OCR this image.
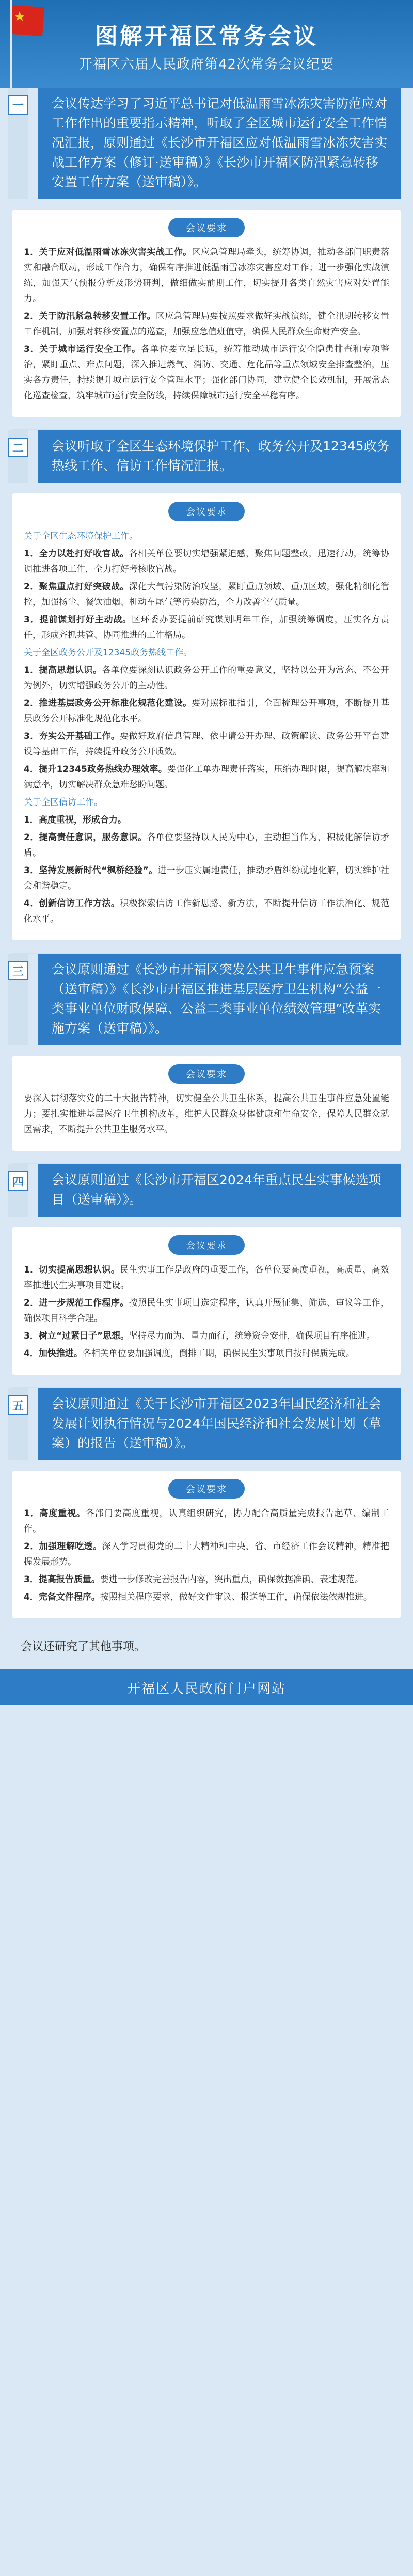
图解开福区常务会议
开福区六届人民政府第42次常务会议纪要
一	会议传达学习了习近平总书记对低温雨雪冰冻灾害防范应对工作作出的重要指示精神，听取了全区城市运行安全工作情况汇报，原则通过《长沙市开福区应对低温雨雪冰冻灾害实战工作方案（修订·送审稿）》《长沙市开福区防汛紧急转移安置工作方案（送审稿）》。
会议要求
1．关于应对低温雨雪冰冻灾害实战工作。区应急管理局牵头，统筹协调，推动各部门职责落实和融合联动，形成工作合力，确保有序推进低温雨雪冰冻灾害应对工作；进一步强化实战演练，加强天气预报分析及形势研判，做细做实前期工作，切实提升各类自然灾害应对处置能力。
2．关于防汛紧急转移安置工作。区应急管理局要按照要求做好实战演练，健全汛期转移安置工作机制，加强对转移安置点的巡查，加强应急值班值守，确保人民群众生命财产安全。
3．关于城市运行安全工作。各单位要立足长远，统筹推动城市运行安全隐患排查和专项整治，紧盯重点、难点问题，深入推进燃气、消防、交通、危化品等重点领域安全排查整治，压实各方责任，持续提升城市运行安全管理水平；强化部门协同，建立健全长效机制，开展常态化巡查检查，筑牢城市运行安全防线，持续保障城市运行安全平稳有序。
二	会议听取了全区生态环境保护工作、政务公开及12345政务热线工作、信访工作情况汇报。
会议要求
关于全区生态环境保护工作。
1．全力以赴打好收官战。各相关单位要切实增强紧迫感，聚焦问题整改，迅速行动，统筹协调推进各项工作，全力打好考核收官战。
2．聚焦重点打好突破战。深化大气污染防治攻坚，紧盯重点领域、重点区域，强化精细化管控，加强扬尘、餐饮油烟、机动车尾气等污染防治，全力改善空气质量。
3．提前谋划打好主动战。区环委办要提前研究谋划明年工作，加强统筹调度，压实各方责任，形成齐抓共管、协同推进的工作格局。
关于全区政务公开及12345政务热线工作。
1．提高思想认识。各单位要深刻认识政务公开工作的重要意义，坚持以公开为常态、不公开为例外，切实增强政务公开的主动性。
2．推进基层政务公开标准化规范化建设。要对照标准指引，全面梳理公开事项，不断提升基层政务公开标准化规范化水平。
3．夯实公开基础工作。要做好政府信息管理、依申请公开办理、政策解读、政务公开平台建设等基础工作，持续提升政务公开质效。
4．提升12345政务热线办理效率。要强化工单办理责任落实，压缩办理时限，提高解决率和满意率，切实解决群众急难愁盼问题。
关于全区信访工作。
1．高度重视，形成合力。
2．提高责任意识，服务意识。各单位要坚持以人民为中心，主动担当作为，积极化解信访矛盾。
3．坚持发展新时代“枫桥经验”。进一步压实属地责任，推动矛盾纠纷就地化解，切实维护社会和谐稳定。
4．创新信访工作方法。积极探索信访工作新思路、新方法，不断提升信访工作法治化、规范化水平。
三	会议原则通过《长沙市开福区突发公共卫生事件应急预案（送审稿）》《长沙市开福区推进基层医疗卫生机构“公益一类事业单位财政保障、公益二类事业单位绩效管理”改革实施方案（送审稿）》。
会议要求
要深入贯彻落实党的二十大报告精神，切实健全公共卫生体系，提高公共卫生事件应急处置能力；要扎实推进基层医疗卫生机构改革，维护人民群众身体健康和生命安全，保障人民群众就医需求，不断提升公共卫生服务水平。
四	会议原则通过《长沙市开福区2024年重点民生实事候选项目（送审稿）》。
会议要求
1．切实提高思想认识。民生实事工作是政府的重要工作，各单位要高度重视，高质量、高效率推进民生实事项目建设。
2．进一步规范工作程序。按照民生实事项目选定程序，认真开展征集、筛选、审议等工作，确保项目科学合理。
3．树立“过紧日子”思想。坚持尽力而为、量力而行，统筹资金安排，确保项目有序推进。
4．加快推进。各相关单位要加强调度，倒排工期，确保民生实事项目按时保质完成。
五	会议原则通过《关于长沙市开福区2023年国民经济和社会发展计划执行情况与2024年国民经济和社会发展计划（草案）的报告（送审稿）》。
会议要求
1．高度重视。各部门要高度重视，认真组织研究，协力配合高质量完成报告起草、编制工作。
2．加强理解吃透。深入学习贯彻党的二十大精神和中央、省、市经济工作会议精神，精准把握发展形势。
3．提高报告质量。要进一步修改完善报告内容，突出重点，确保数据准确、表述规范。
4．完备文件程序。按照相关程序要求，做好文件审议、报送等工作，确保依法依规推进。
会议还研究了其他事项。
开福区人民政府门户网站
